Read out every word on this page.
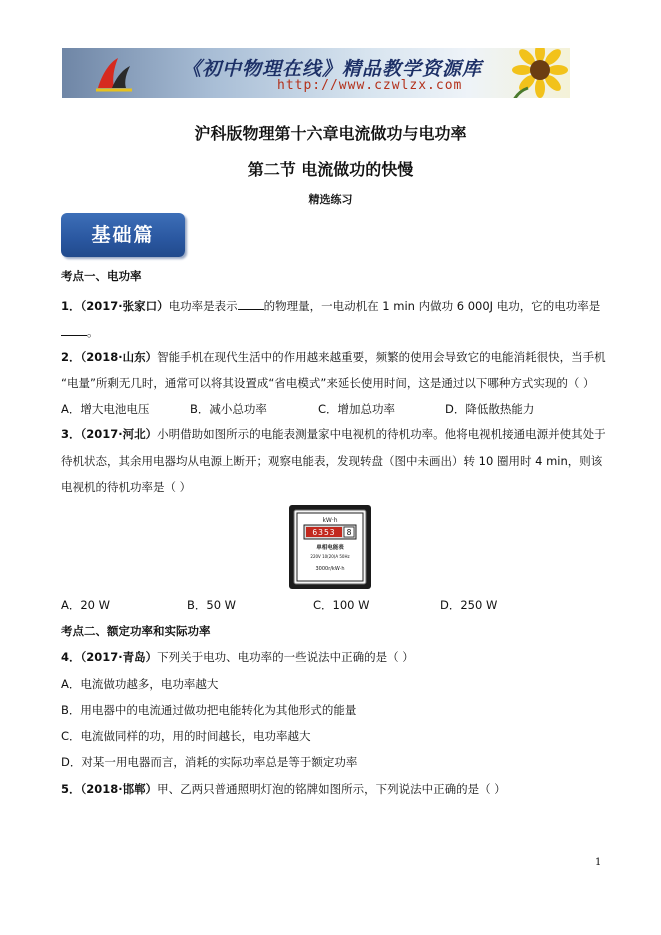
《初中物理在线》精品教学资源库
http://www.czwlzx.com
沪科版物理第十六章电流做功与电功率
第二节 电流做功的快慢
精选练习
基础篇
考点一、电功率
1．（2017·张家口）电功率是表示 的物理量，一电动机在 1 min 内做功 6 000J 电功，它的电功率是
。
2．（2018·山东）智能手机在现代生活中的作用越来越重要，频繁的使用会导致它的电能消耗很快，当手机
“电量”所剩无几时，通常可以将其设置成“省电模式”来延长使用时间，这是通过以下哪种方式实现的（ ）
A．增大电池电压	B．减小总功率	C．增加总功率	D．降低散热能力
3．（2017·河北）小明借助如图所示的电能表测量家中电视机的待机功率。他将电视机接通电源并使其处于
待机状态，其余用电器均从电源上断开；观察电能表，发现转盘（图中未画出）转 10 圈用时 4 min，则该
电视机的待机功率是（ ）
kW·h
6353 8
单相电能表
220V 10(20)A 50Hz
3000r/kW·h
A．20 W	B．50 W	C．100 W	D．250 W
考点二、额定功率和实际功率
4．（2017·青岛）下列关于电功、电功率的一些说法中正确的是（ ）
A．电流做功越多，电功率越大
B．用电器中的电流通过做功把电能转化为其他形式的能量
C．电流做同样的功，用的时间越长，电功率越大
D．对某一用电器而言，消耗的实际功率总是等于额定功率
5．（2018·邯郸）甲、乙两只普通照明灯泡的铭牌如图所示，下列说法中正确的是（ ）
1
